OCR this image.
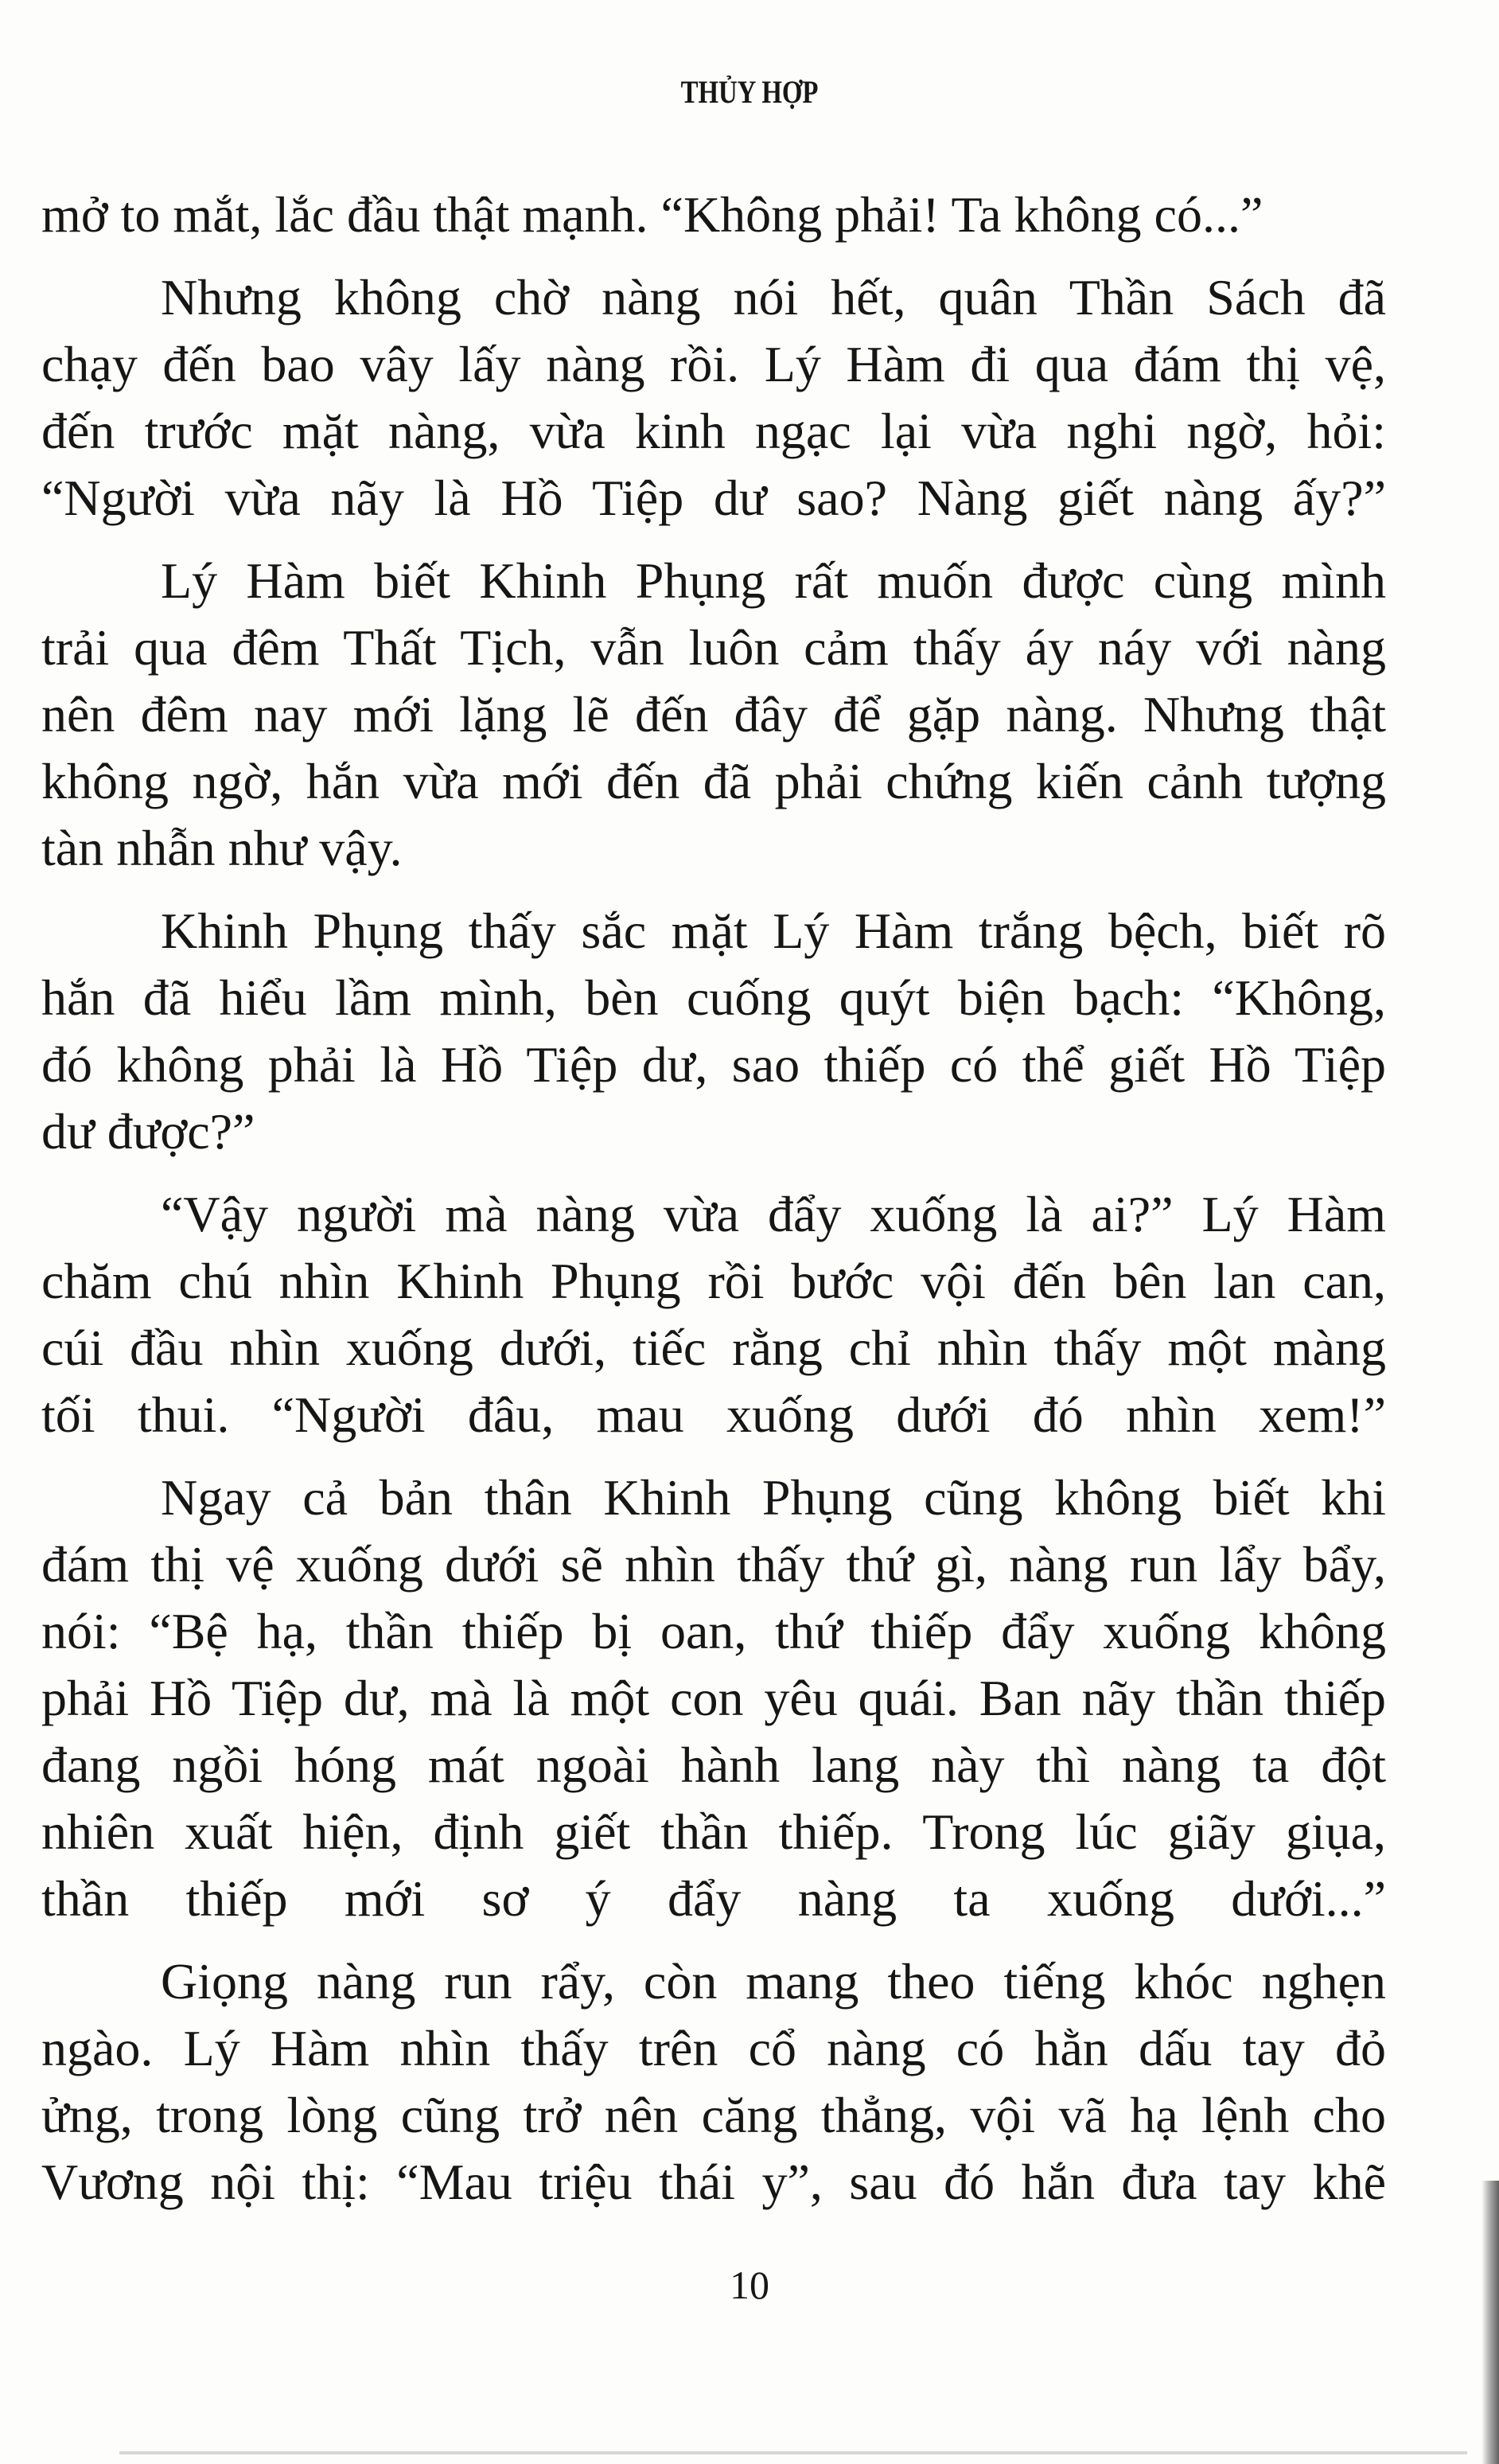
THỦY HỢP
mở to mắt, lắc đầu thật mạnh. “Không phải! Ta không có...”
Nhưng không chờ nàng nói hết, quân Thần Sách đã
chạy đến bao vây lấy nàng rồi. Lý Hàm đi qua đám thị vệ,
đến trước mặt nàng, vừa kinh ngạc lại vừa nghi ngờ, hỏi:
“Người vừa nãy là Hồ Tiệp dư sao? Nàng giết nàng ấy?”
Lý Hàm biết Khinh Phụng rất muốn được cùng mình
trải qua đêm Thất Tịch, vẫn luôn cảm thấy áy náy với nàng
nên đêm nay mới lặng lẽ đến đây để gặp nàng. Nhưng thật
không ngờ, hắn vừa mới đến đã phải chứng kiến cảnh tượng
tàn nhẫn như vậy.
Khinh Phụng thấy sắc mặt Lý Hàm trắng bệch, biết rõ
hắn đã hiểu lầm mình, bèn cuống quýt biện bạch: “Không,
đó không phải là Hồ Tiệp dư, sao thiếp có thể giết Hồ Tiệp
dư được?”
“Vậy người mà nàng vừa đẩy xuống là ai?” Lý Hàm
chăm chú nhìn Khinh Phụng rồi bước vội đến bên lan can,
cúi đầu nhìn xuống dưới, tiếc rằng chỉ nhìn thấy một màng
tối thui. “Người đâu, mau xuống dưới đó nhìn xem!”
Ngay cả bản thân Khinh Phụng cũng không biết khi
đám thị vệ xuống dưới sẽ nhìn thấy thứ gì, nàng run lẩy bẩy,
nói: “Bệ hạ, thần thiếp bị oan, thứ thiếp đẩy xuống không
phải Hồ Tiệp dư, mà là một con yêu quái. Ban nãy thần thiếp
đang ngồi hóng mát ngoài hành lang này thì nàng ta đột
nhiên xuất hiện, định giết thần thiếp. Trong lúc giãy giụa,
thần thiếp mới sơ ý đẩy nàng ta xuống dưới...”
Giọng nàng run rẩy, còn mang theo tiếng khóc nghẹn
ngào. Lý Hàm nhìn thấy trên cổ nàng có hằn dấu tay đỏ
ửng, trong lòng cũng trở nên căng thẳng, vội vã hạ lệnh cho
Vương nội thị: “Mau triệu thái y”, sau đó hắn đưa tay khẽ
10
